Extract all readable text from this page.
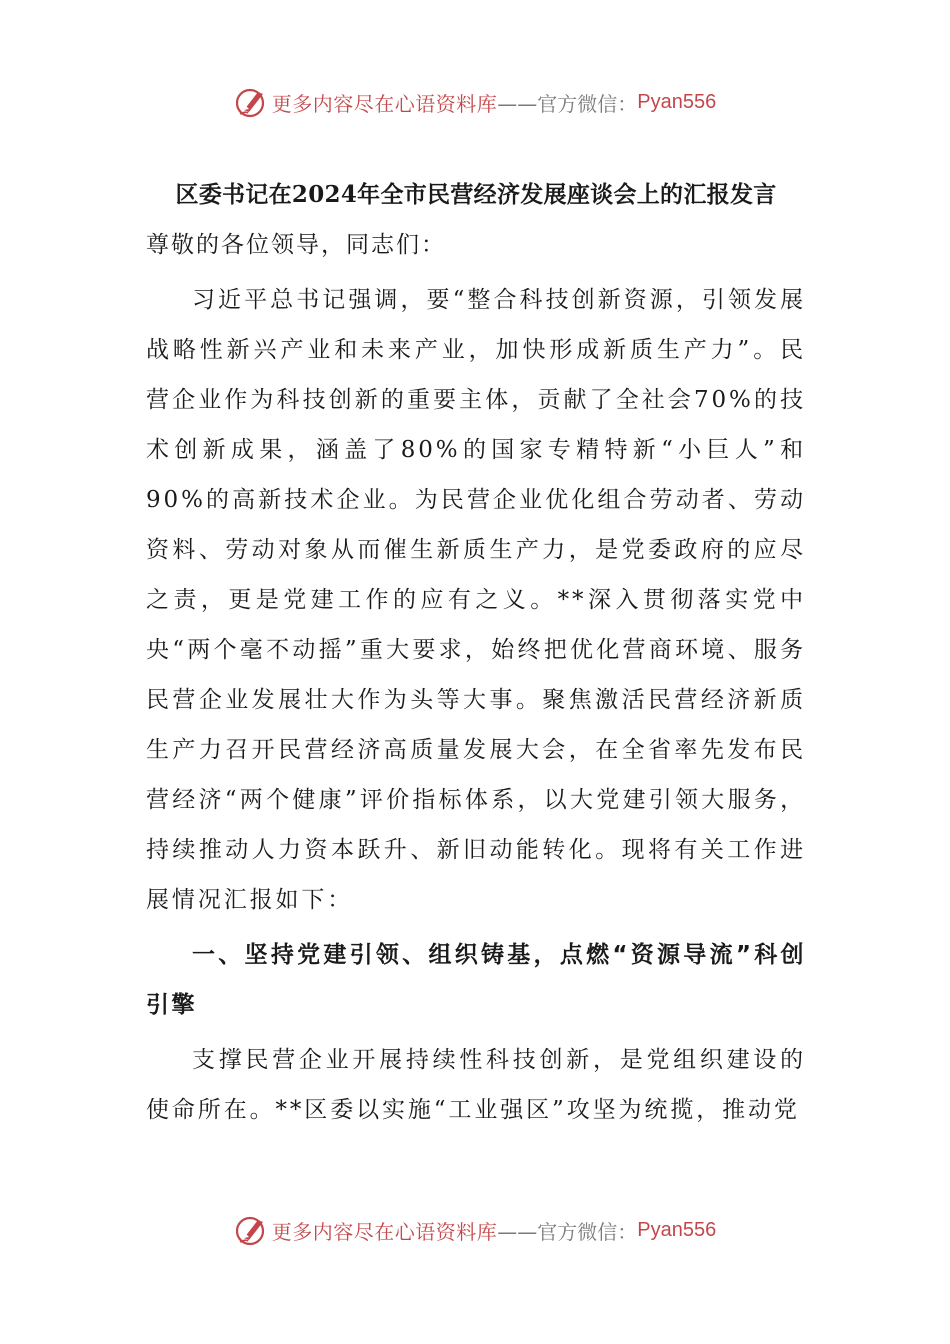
更多内容尽在心语资料库 ——官方微信： Pyan556

区委书记在2024年全市民营经济发展座谈会上的汇报发言

尊敬的各位领导，同志们：

习近平总书记强调，要“整合科技创新资源，引领发展战略性新兴产业和未来产业，加快形成新质生产力”。民营企业作为科技创新的重要主体，贡献了全社会70%的技术创新成果，涵盖了80%的国家专精特新“小巨人”和90%的高新技术企业。为民营企业优化组合劳动者、劳动资料、劳动对象从而催生新质生产力，是党委政府的应尽之责，更是党建工作的应有之义。**深入贯彻落实党中央“两个毫不动摇”重大要求，始终把优化营商环境、服务民营企业发展壮大作为头等大事。聚焦激活民营经济新质生产力召开民营经济高质量发展大会，在全省率先发布民营经济“两个健康”评价指标体系，以大党建引领大服务，持续推动人力资本跃升、新旧动能转化。现将有关工作进展情况汇报如下：

一、坚持党建引领、组织铸基，点燃“资源导流”科创引擎

支撑民营企业开展持续性科技创新，是党组织建设的使命所在。**区委以实施“工业强区”攻坚为统揽，推动党

更多内容尽在心语资料库 ——官方微信： Pyan556
